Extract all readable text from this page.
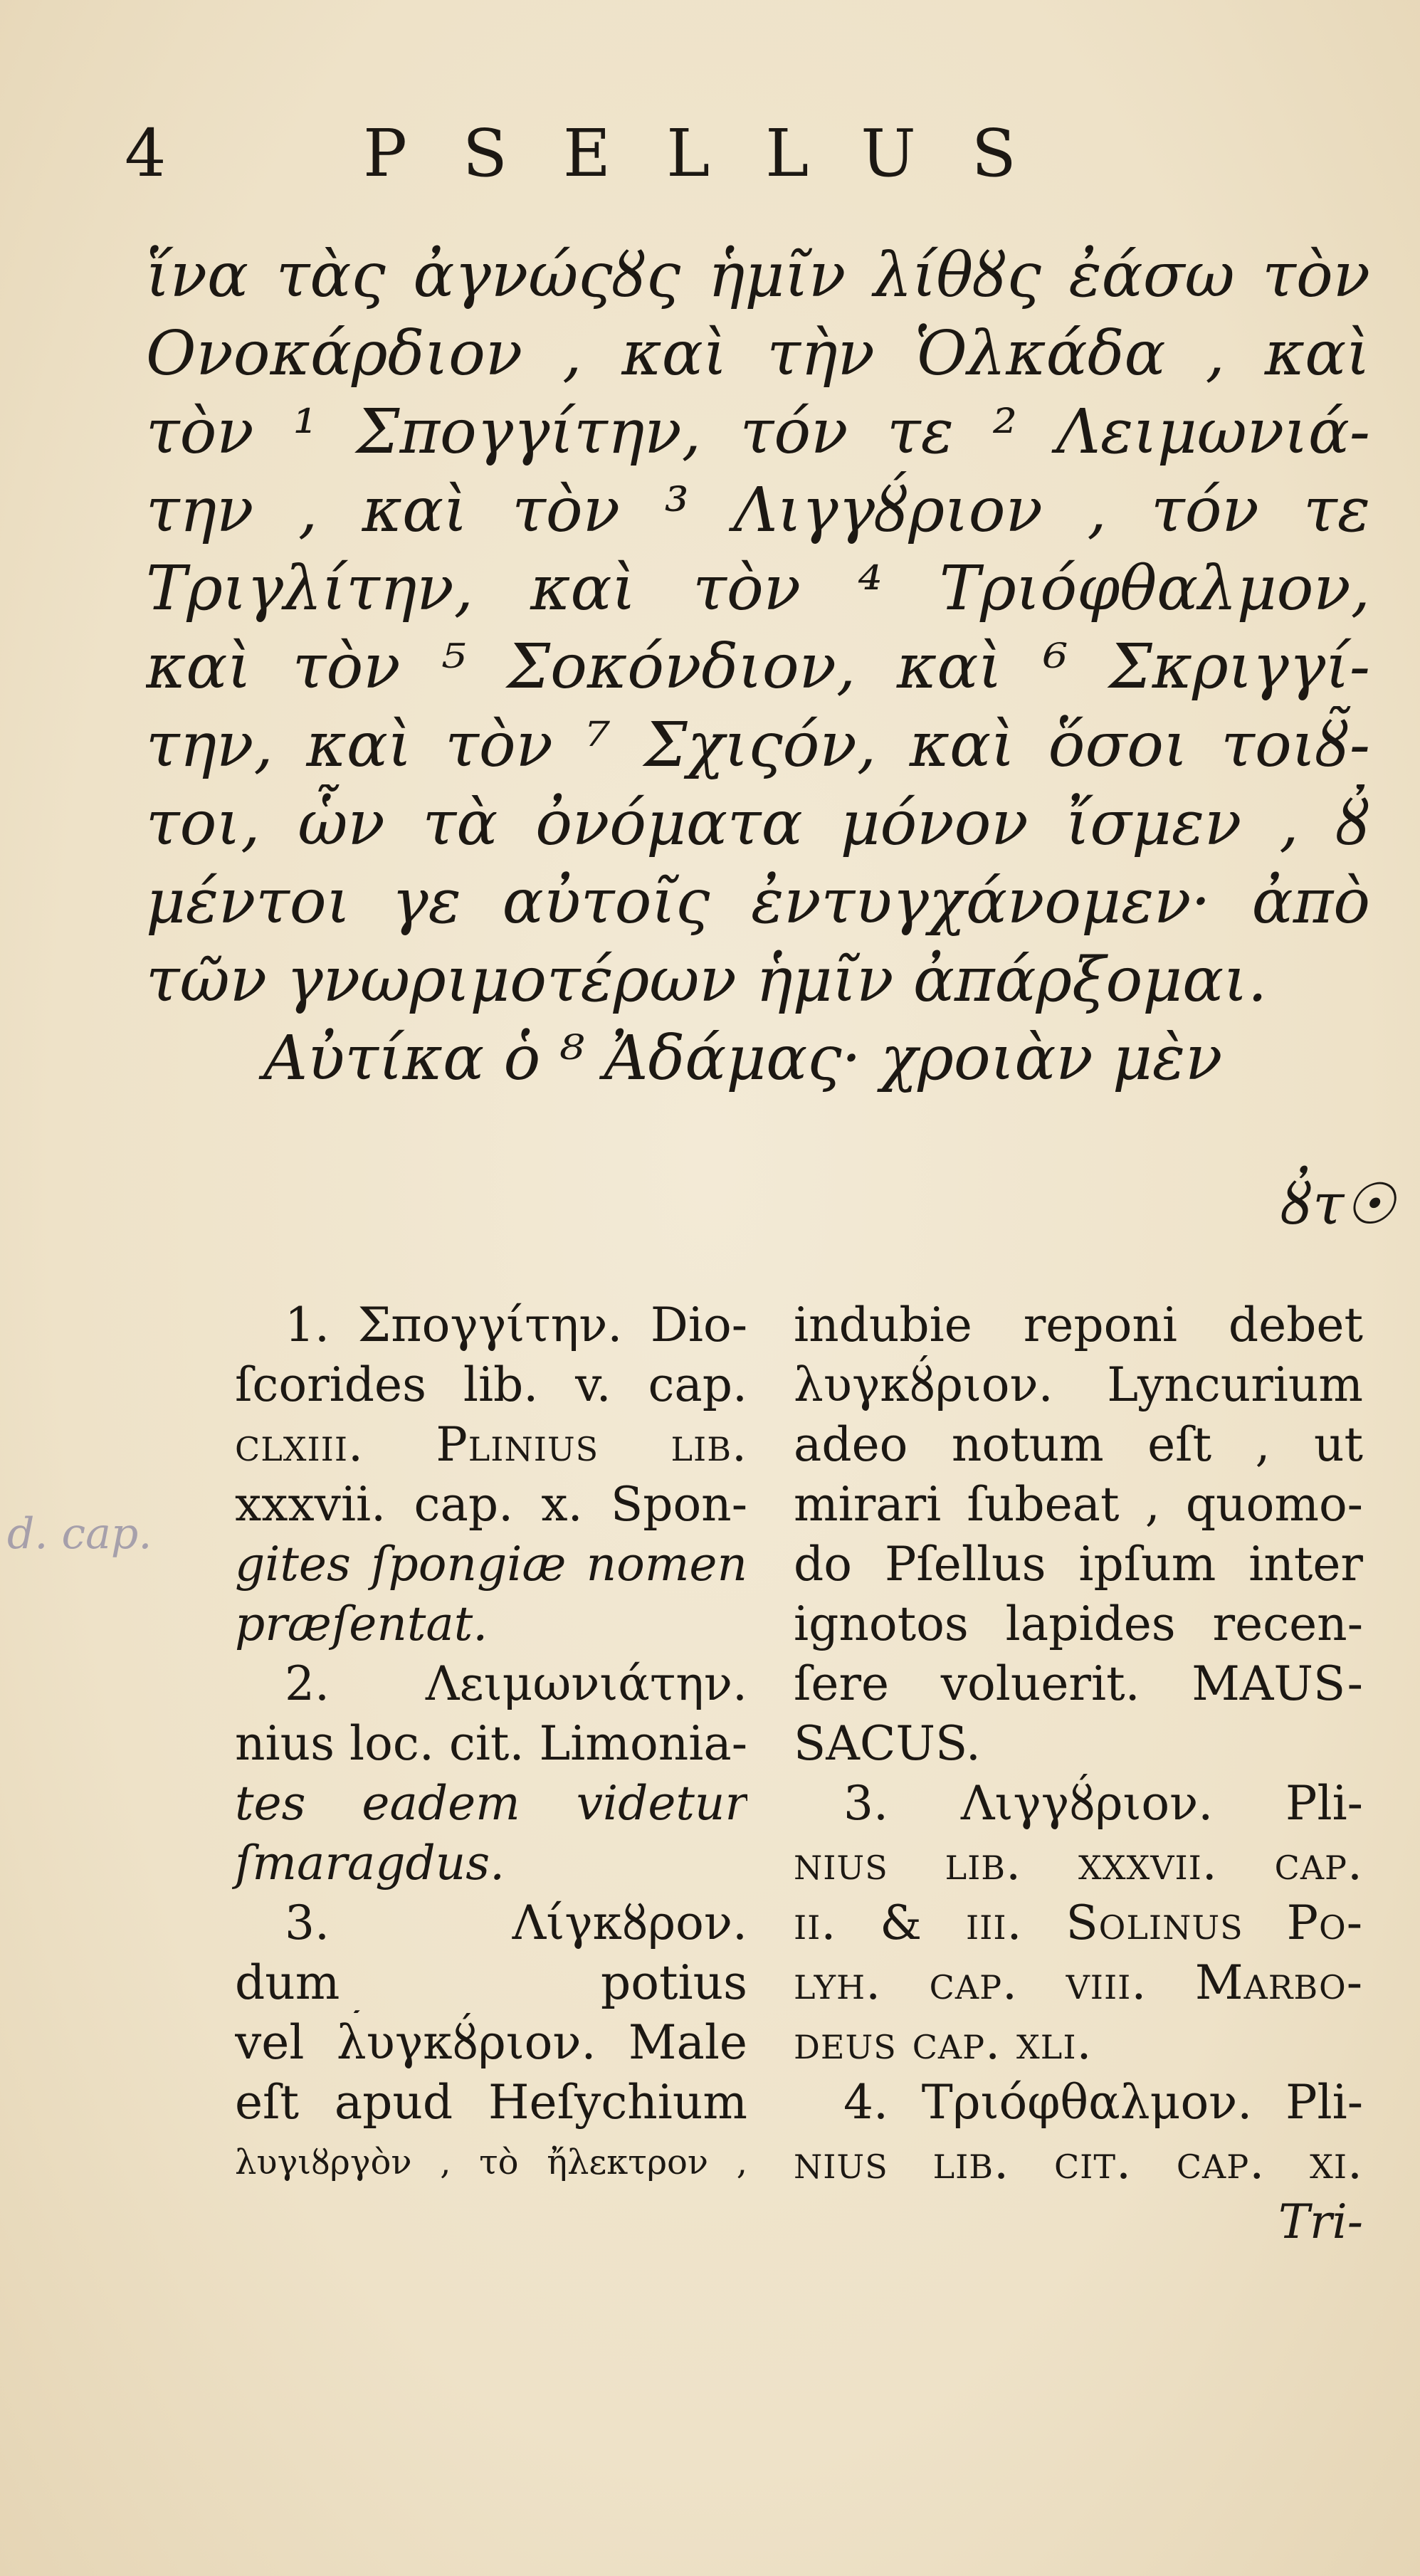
4	PSELLUS
ἵνα τὰς ἀγνώςȣς ἡμῖν λίθȣς ἐάσω τὸν
Ονοκάρδιον , καὶ τὴν Ὁλκάδα , καὶ
τὸν ¹ Σπογγίτην, τόν τε ² Λειμωνιά-
την , καὶ τὸν ³ Λιγγȣ́ριον , τόν τε
Τριγλίτην, καὶ τὸν ⁴ Τριόφθαλμον,
καὶ τὸν ⁵ Σοκόνδιον, καὶ ⁶ Σκριγγί-
την, καὶ τὸν ⁷ Σχιςόν, καὶ ὅσοι τοιȣ̃-
τοι, ὧν τὰ ὀνόματα μόνον ἴσμεν , ȣ̓
μέντοι γε αὐτοῖς ἐντυγχάνομεν· ἀπὸ
τῶν γνωριμοτέρων ἡμῖν ἀπάρξομαι.
Αὐτίκα ὁ ⁸ Ἀδάμας· χροιὰν μὲν
ȣ̓τ☉
d. cap.
1. Σπογγίτην. Dio-
ſcorides lib. v. cap.
clxiii. Plinius lib.
xxxvii. cap. x. Spon-
gites ſpongiæ nomen
præſentat.
2. Λειμωνιάτην.
nius loc. cit. Limonia-
tes eadem videtur
ſmaragdus.
3. Λίγκȣρον.
dum potius
vel λυγκȣ́ριον. Male
eſt apud Heſychium
λυγιȣργὸν , τὸ ἤλεκτρον ,
indubie reponi debet
λυγκȣ́ριον. Lyncurium
adeo notum eſt , ut
mirari ſubeat , quomo-
do Pſellus ipſum inter
ignotos lapides recen-
ſere voluerit. MAUS-
SACUS.
3. Λιγγȣ́ριον. Pli-
nius lib. xxxvii. cap.
ii. & iii. Solinus Po-
lyh. cap. viii. Marbo-
deus cap. xli.
4. Τριόφθαλμον. Pli-
nius lib. cit. cap. xi.
Tri-
